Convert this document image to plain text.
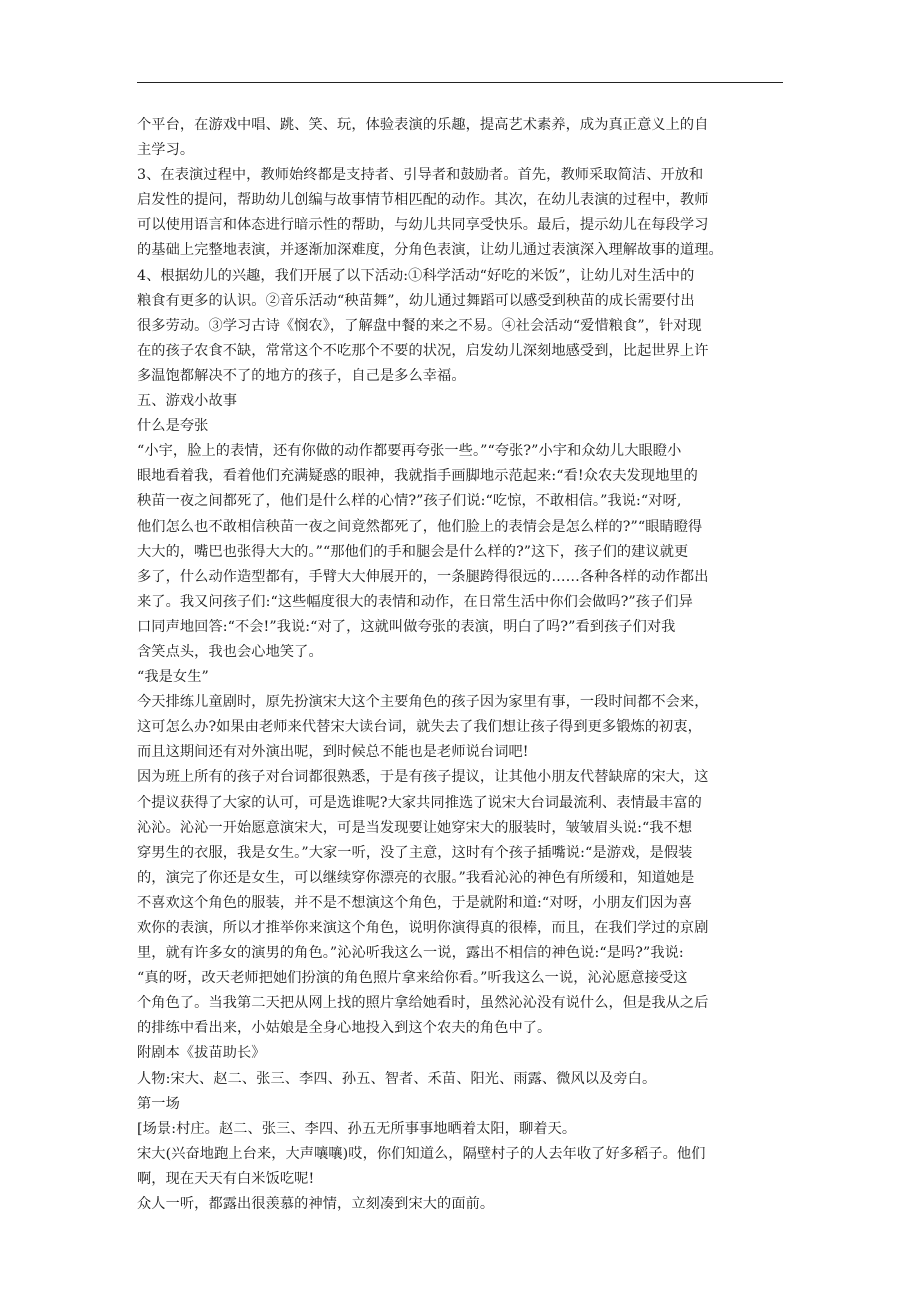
个平台，在游戏中唱、跳、笑、玩，体验表演的乐趣，提高艺术素养，成为真正意义上的自
主学习。
3、在表演过程中，教师始终都是支持者、引导者和鼓励者。首先，教师采取简洁、开放和
启发性的提问，帮助幼儿创编与故事情节相匹配的动作。其次，在幼儿表演的过程中，教师
可以使用语言和体态进行暗示性的帮助，与幼儿共同享受快乐。最后，提示幼儿在每段学习
的基础上完整地表演，并逐渐加深难度，分角色表演，让幼儿通过表演深入理解故事的道理。
4、根据幼儿的兴趣，我们开展了以下活动:①科学活动“好吃的米饭”，让幼儿对生活中的
粮食有更多的认识。②音乐活动“秧苗舞”，幼儿通过舞蹈可以感受到秧苗的成长需要付出
很多劳动。③学习古诗《悯农》，了解盘中餐的来之不易。④社会活动“爱惜粮食”，针对现
在的孩子农食不缺，常常这个不吃那个不要的状况，启发幼儿深刻地感受到，比起世界上许
多温饱都解决不了的地方的孩子，自己是多么幸福。
五、游戏小故事
什么是夸张
“小宇，脸上的表情，还有你做的动作都要再夸张一些。”“夸张?”小宇和众幼儿大眼瞪小
眼地看着我，看着他们充满疑惑的眼神，我就指手画脚地示范起来:“看!众农夫发现地里的
秧苗一夜之间都死了，他们是什么样的心情?”孩子们说:“吃惊，不敢相信。”我说:“对呀,
他们怎么也不敢相信秧苗一夜之间竟然都死了，他们脸上的表情会是怎么样的?”“眼睛瞪得
大大的，嘴巴也张得大大的。”“那他们的手和腿会是什么样的?”这下，孩子们的建议就更
多了，什么动作造型都有，手臂大大伸展开的，一条腿跨得很远的……各种各样的动作都出
来了。我又问孩子们:“这些幅度很大的表情和动作，在日常生活中你们会做吗?”孩子们异
口同声地回答:“不会!”我说:“对了，这就叫做夸张的表演，明白了吗?”看到孩子们对我
含笑点头，我也会心地笑了。
“我是女生”
今天排练儿童剧时，原先扮演宋大这个主要角色的孩子因为家里有事，一段时间都不会来，
这可怎么办?如果由老师来代替宋大读台词，就失去了我们想让孩子得到更多锻炼的初衷，
而且这期间还有对外演出呢，到时候总不能也是老师说台词吧!
因为班上所有的孩子对台词都很熟悉，于是有孩子提议，让其他小朋友代替缺席的宋大，这
个提议获得了大家的认可，可是选谁呢?大家共同推选了说宋大台词最流利、表情最丰富的
沁沁。沁沁一开始愿意演宋大，可是当发现要让她穿宋大的服装时，皱皱眉头说:“我不想
穿男生的衣服，我是女生。”大家一听，没了主意，这时有个孩子插嘴说:“是游戏，是假装
的，演完了你还是女生，可以继续穿你漂亮的衣服。”我看沁沁的神色有所缓和，知道她是
不喜欢这个角色的服装，并不是不想演这个角色，于是就附和道:“对呀，小朋友们因为喜
欢你的表演，所以才推举你来演这个角色，说明你演得真的很棒，而且，在我们学过的京剧
里，就有许多女的演男的角色。”沁沁听我这么一说，露出不相信的神色说:“是吗?”我说:
“真的呀，改天老师把她们扮演的角色照片拿来给你看。”听我这么一说，沁沁愿意接受这
个角色了。当我第二天把从网上找的照片拿给她看时，虽然沁沁没有说什么，但是我从之后
的排练中看出来，小姑娘是全身心地投入到这个农夫的角色中了。
附剧本《拔苗助长》
人物:宋大、赵二、张三、李四、孙五、智者、禾苗、阳光、雨露、微风以及旁白。
第一场
[场景:村庄。赵二、张三、李四、孙五无所事事地晒着太阳，聊着天。
宋大(兴奋地跑上台来，大声嚷嚷)哎，你们知道么，隔壁村子的人去年收了好多稻子。他们
啊，现在天天有白米饭吃呢!
众人一听，都露出很羡慕的神情，立刻凑到宋大的面前。
